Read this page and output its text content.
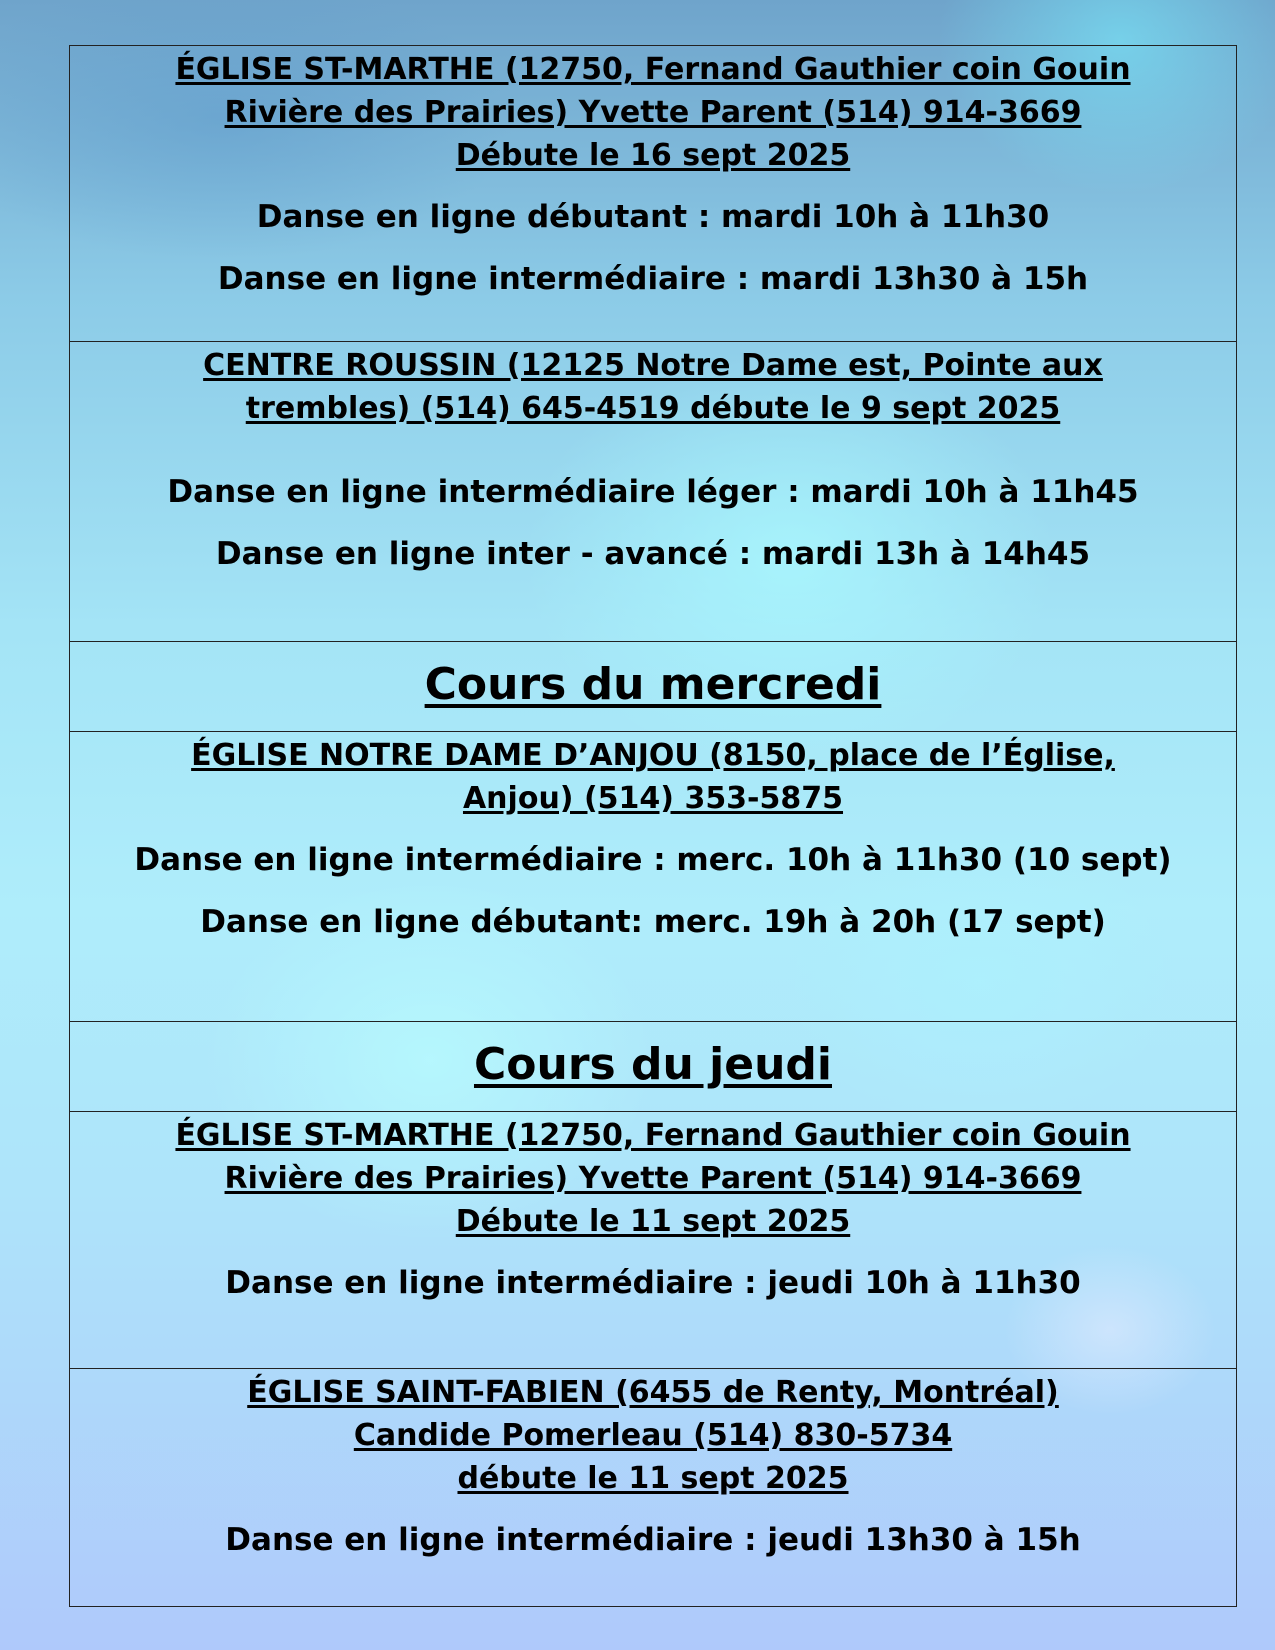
ÉGLISE ST-MARTHE (12750, Fernand Gauthier coin Gouin
Rivière des Prairies) Yvette Parent (514) 914-3669
Débute le 16 sept 2025

Danse en ligne débutant : mardi 10h à 11h30

Danse en ligne intermédiaire : mardi 13h30 à 15h

CENTRE ROUSSIN (12125 Notre Dame est, Pointe aux
trembles) (514) 645-4519 débute le 9 sept 2025

Danse en ligne intermédiaire léger : mardi 10h à 11h45

Danse en ligne inter - avancé : mardi 13h à 14h45

Cours du mercredi

ÉGLISE NOTRE DAME D’ANJOU (8150, place de l’Église,
Anjou) (514) 353-5875

Danse en ligne intermédiaire : merc. 10h à 11h30 (10 sept)

Danse en ligne débutant: merc. 19h à 20h (17 sept)

Cours du jeudi

ÉGLISE ST-MARTHE (12750, Fernand Gauthier coin Gouin
Rivière des Prairies) Yvette Parent (514) 914-3669
Débute le 11 sept 2025

Danse en ligne intermédiaire : jeudi 10h à 11h30

ÉGLISE SAINT-FABIEN (6455 de Renty, Montréal)
Candide Pomerleau (514) 830-5734
débute le 11 sept 2025

Danse en ligne intermédiaire : jeudi 13h30 à 15h
